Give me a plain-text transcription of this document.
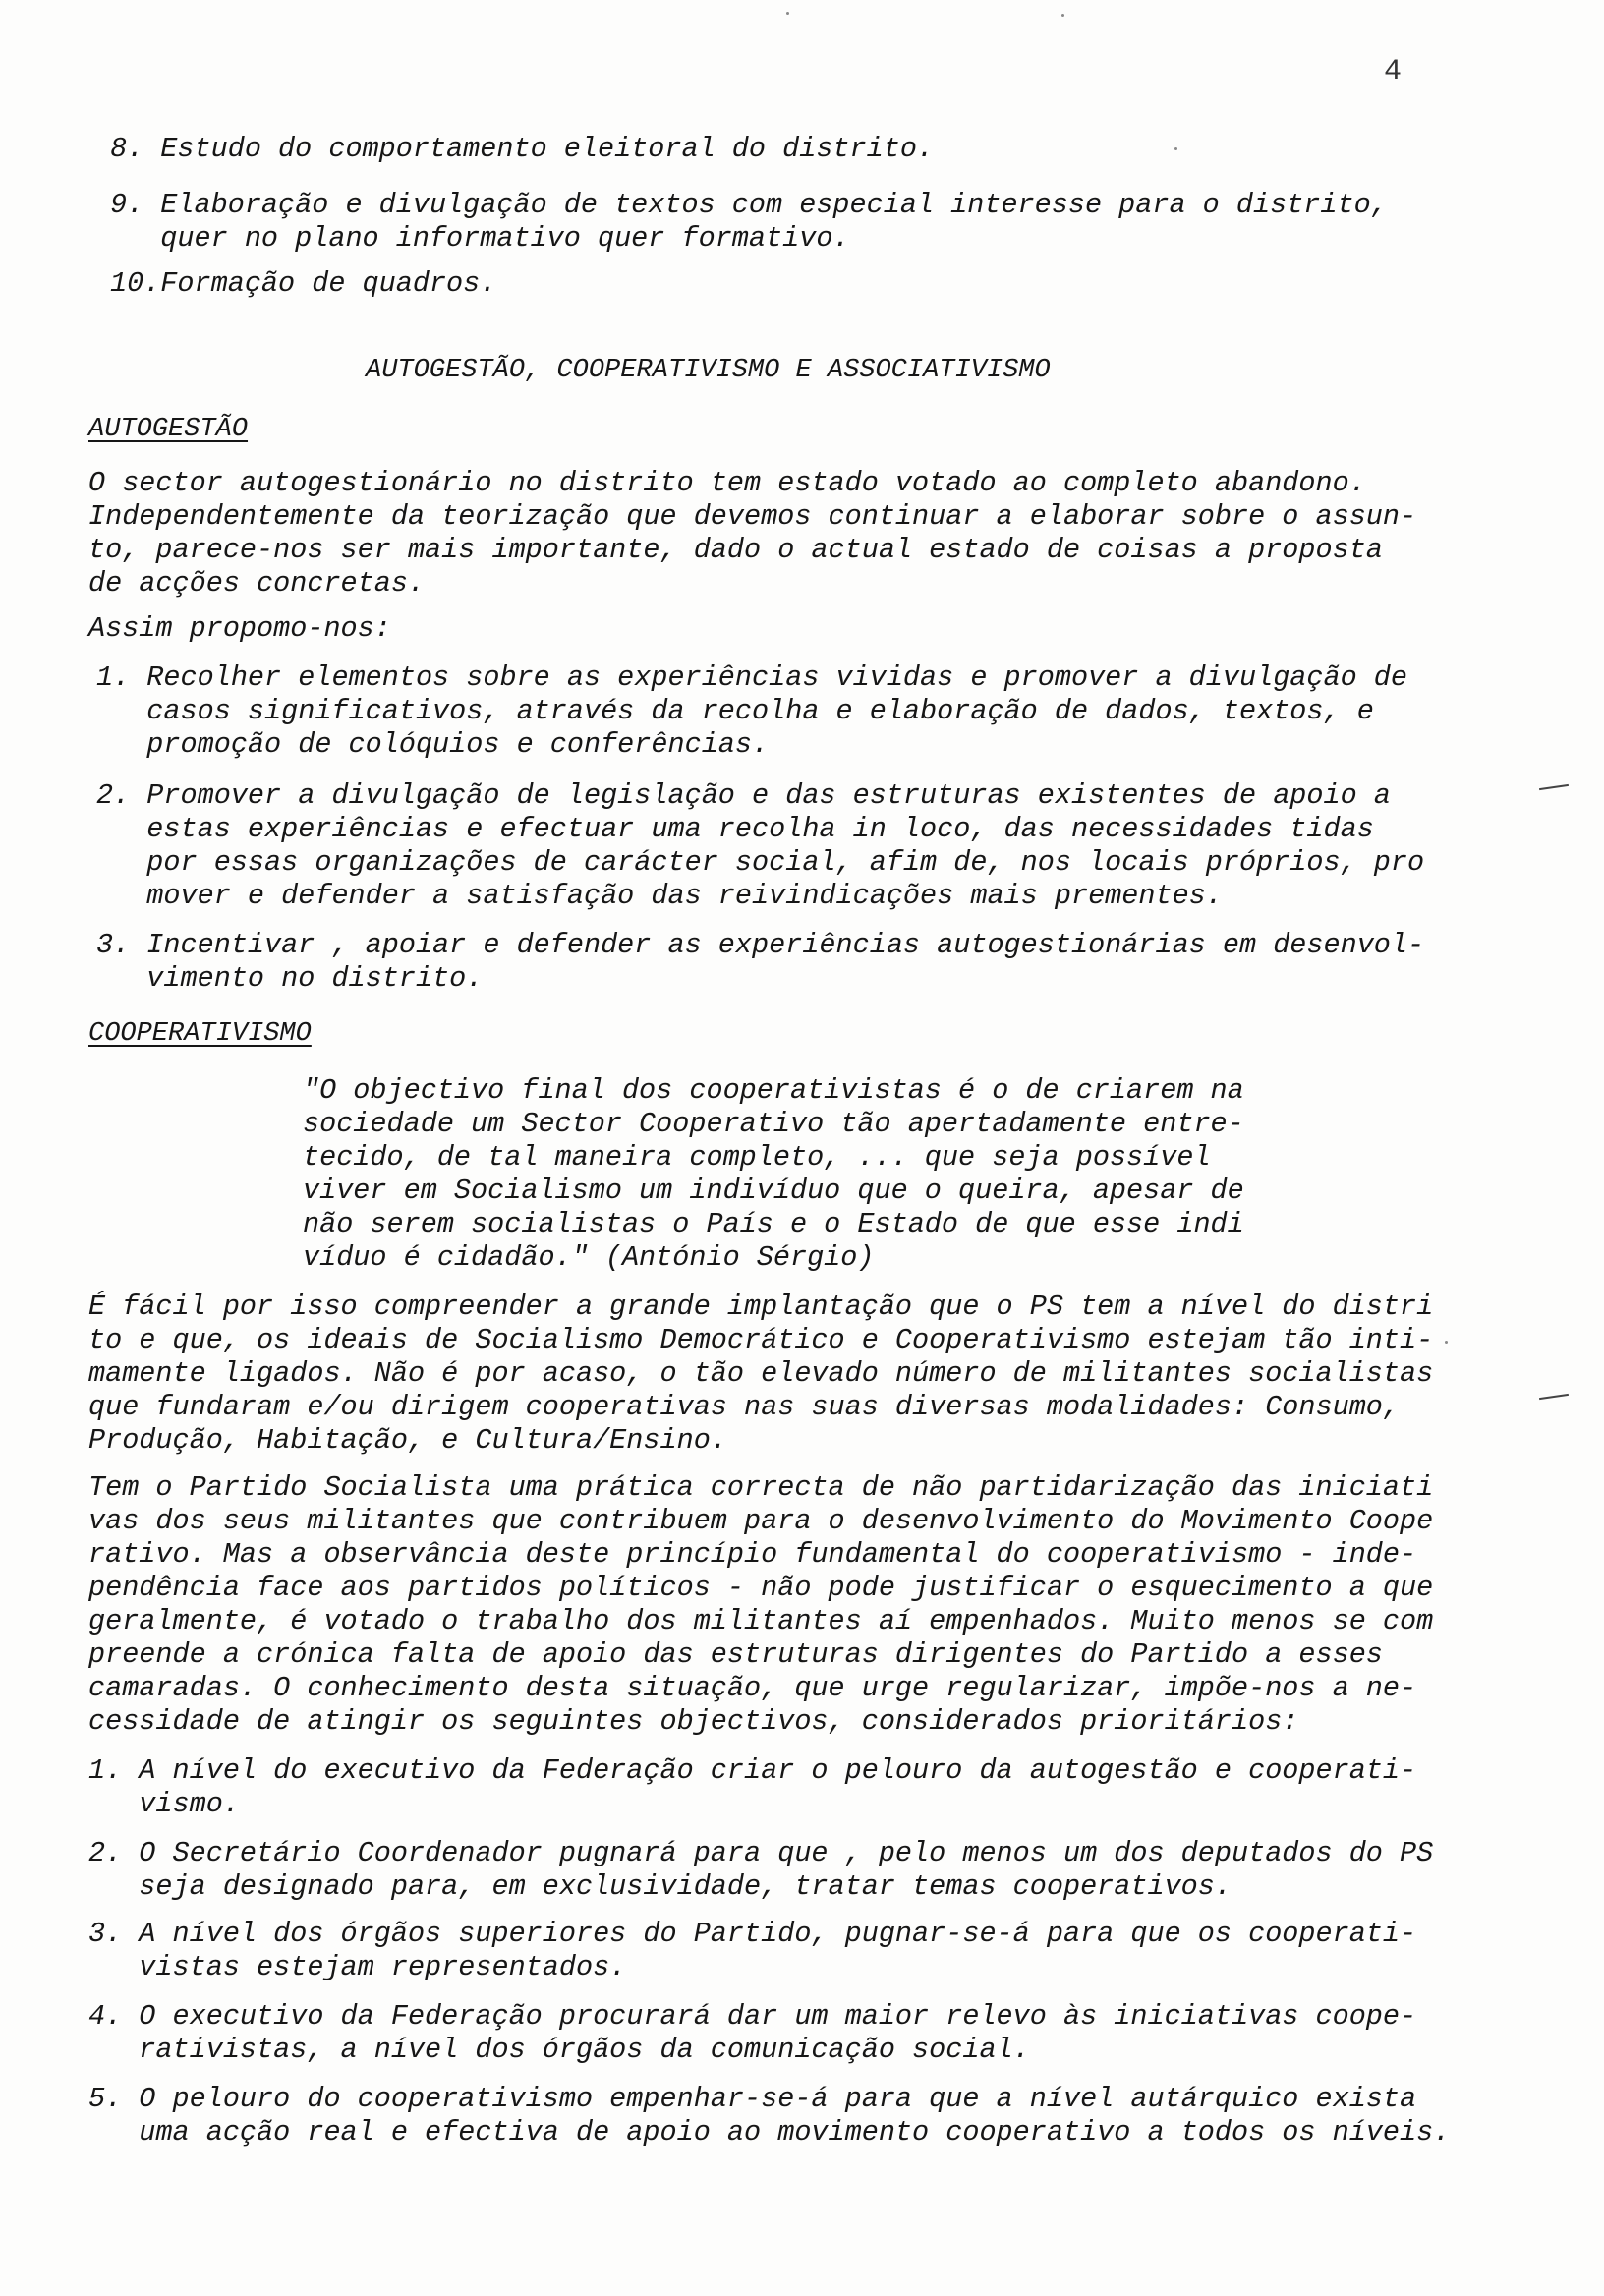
4
8. Estudo do comportamento eleitoral do distrito.
9. Elaboração e divulgação de textos com especial interesse para o distrito,
quer no plano informativo quer formativo.
10.Formação de quadros.
AUTOGESTÃO, COOPERATIVISMO E ASSOCIATIVISMO
AUTOGESTÃO
O sector autogestionário no distrito tem estado votado ao completo abandono.
Independentemente da teorização que devemos continuar a elaborar sobre o assun-
to, parece-nos ser mais importante, dado o actual estado de coisas a proposta
de acções concretas.
Assim propomo-nos:
1. Recolher elementos sobre as experiências vividas e promover a divulgação de
casos significativos, através da recolha e elaboração de dados, textos, e
promoção de colóquios e conferências.
2. Promover a divulgação de legislação e das estruturas existentes de apoio a
estas experiências e efectuar uma recolha in loco, das necessidades tidas
por essas organizações de carácter social, afim de, nos locais próprios, pro
mover e defender a satisfação das reivindicações mais prementes.
3. Incentivar , apoiar e defender as experiências autogestionárias em desenvol-
vimento no distrito.
COOPERATIVISMO
"O objectivo final dos cooperativistas é o de criarem na
sociedade um Sector Cooperativo tão apertadamente entre-
tecido, de tal maneira completo, ... que seja possível
viver em Socialismo um indivíduo que o queira, apesar de
não serem socialistas o País e o Estado de que esse indi
víduo é cidadão." (António Sérgio)
É fácil por isso compreender a grande implantação que o PS tem a nível do distri
to e que, os ideais de Socialismo Democrático e Cooperativismo estejam tão inti-
mamente ligados. Não é por acaso, o tão elevado número de militantes socialistas
que fundaram e/ou dirigem cooperativas nas suas diversas modalidades: Consumo,
Produção, Habitação, e Cultura/Ensino.
Tem o Partido Socialista uma prática correcta de não partidarização das iniciati
vas dos seus militantes que contribuem para o desenvolvimento do Movimento Coope
rativo. Mas a observância deste princípio fundamental do cooperativismo - inde-
pendência face aos partidos políticos - não pode justificar o esquecimento a que
geralmente, é votado o trabalho dos militantes aí empenhados. Muito menos se com
preende a crónica falta de apoio das estruturas dirigentes do Partido a esses
camaradas. O conhecimento desta situação, que urge regularizar, impõe-nos a ne-
cessidade de atingir os seguintes objectivos, considerados prioritários:
1. A nível do executivo da Federação criar o pelouro da autogestão e cooperati-
vismo.
2. O Secretário Coordenador pugnará para que , pelo menos um dos deputados do PS
seja designado para, em exclusividade, tratar temas cooperativos.
3. A nível dos órgãos superiores do Partido, pugnar-se-á para que os cooperati-
vistas estejam representados.
4. O executivo da Federação procurará dar um maior relevo às iniciativas coope-
rativistas, a nível dos órgãos da comunicação social.
5. O pelouro do cooperativismo empenhar-se-á para que a nível autárquico exista
uma acção real e efectiva de apoio ao movimento cooperativo a todos os níveis.
